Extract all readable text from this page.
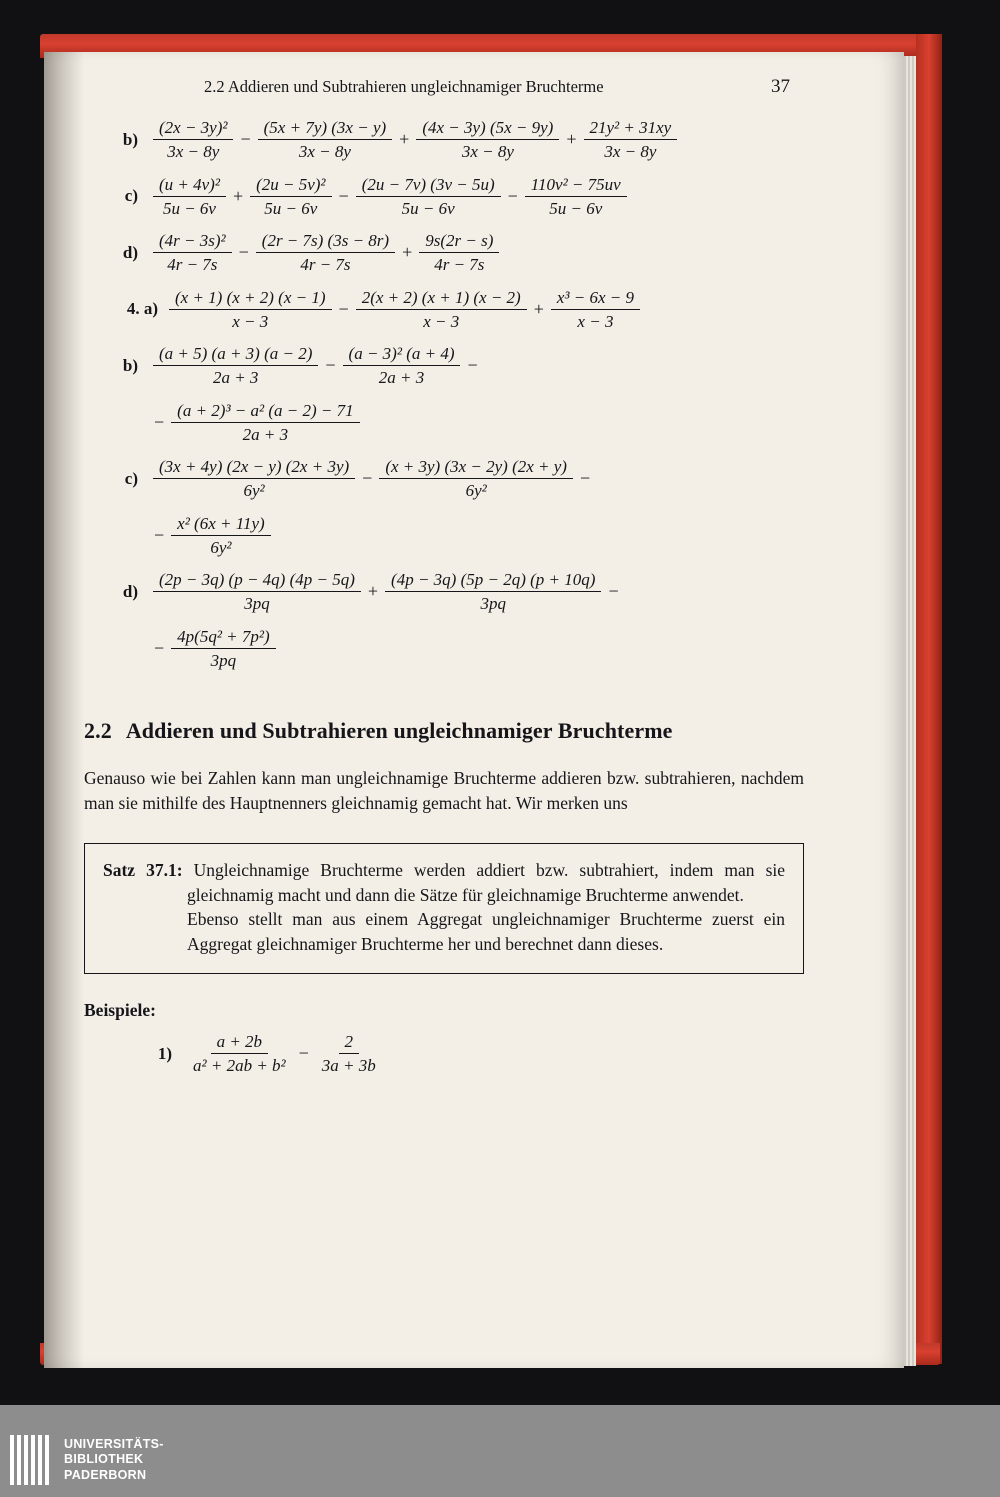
2.2 Addieren und Subtrahieren ungleichnamiger Bruchterme	37
$b) \frac{\text{(2x − 3y)²}}{3x - 8y} - \frac{(5x + 7y) (3x - y)}{3x - 8y} + \frac{(4x - 3y) (5x - 9y)}{3x - 8y} + \frac{\text{21y² + 31xy}}{3x - 8y}$
$c) \frac{\text{(u + 4v)²}}{5u - 6v} + \frac{\text{(2u − 5v)²}}{5u - 6v} - \frac{(2u - 7v) (3v - 5u)}{5u - 6v} - \frac{\text{110v² − 75uv}}{5u - 6v}$
$d) \frac{\text{(4r − 3s)²}}{4r - 7s} - \frac{(2r - 7s) (3s - 8r)}{4r - 7s} + \frac{9s(2r - s)}{4r - 7s}$
4. $a) \frac{(x + 1) (x + 2) (x - 1)}{x - 3} - \frac{2(x + 2) (x + 1) (x - 2)}{x - 3} + \frac{\text{x³ − 6x − 9}}{x - 3}$
$b) \frac{(a + 5) (a + 3) (a - 2)}{2a + 3} - \frac{\text{(a − 3)² (a + 4)}}{2a + 3}$ −
− $\frac{\text{(a + 2)³ − a² (a − 2) − 71}}{2a + 3}$
$c) \frac{(3x + 4y) (2x - y) (2x + 3y)}{\text{6y²}} - \frac{(x + 3y) (3x - 2y) (2x + y)}{\text{6y²}}$ −
− $\frac{\text{x² (6x + 11y)}}{\text{6y²}}$
$d) \frac{(2p - 3q) (p - 4q) (4p - 5q)}{3pq} + \frac{(4p - 3q) (5p - 2q) (p + 10q)}{3pq}$ −
− $\frac{\text{4p(5q² + 7p²)}}{3pq}$
2.2 Addieren und Subtrahieren ungleichnamiger Bruchterme

Genauso wie bei Zahlen kann man ungleichnamige Bruchterme addieren bzw. subtrahieren, nachdem man sie mithilfe des Hauptnenners gleichnamig gemacht hat. Wir merken uns

Satz 37.1: Ungleichnamige Bruchterme werden addiert bzw. subtrahiert, indem man sie gleichnamig macht und dann die Sätze für gleichnamige Bruchterme anwendet.

Ebenso stellt man aus einem Aggregat ungleichnamiger Bruchterme zuerst ein Aggregat gleichnamiger Bruchterme her und berechnet dann dieses.

Beispiele:
$1) \frac{a + 2b}{\text{a² + 2ab + b²}} - \frac{2}{3a + 3b}$
UNIVERSITÄTS-
BIBLIOTHEK
PADERBORN
